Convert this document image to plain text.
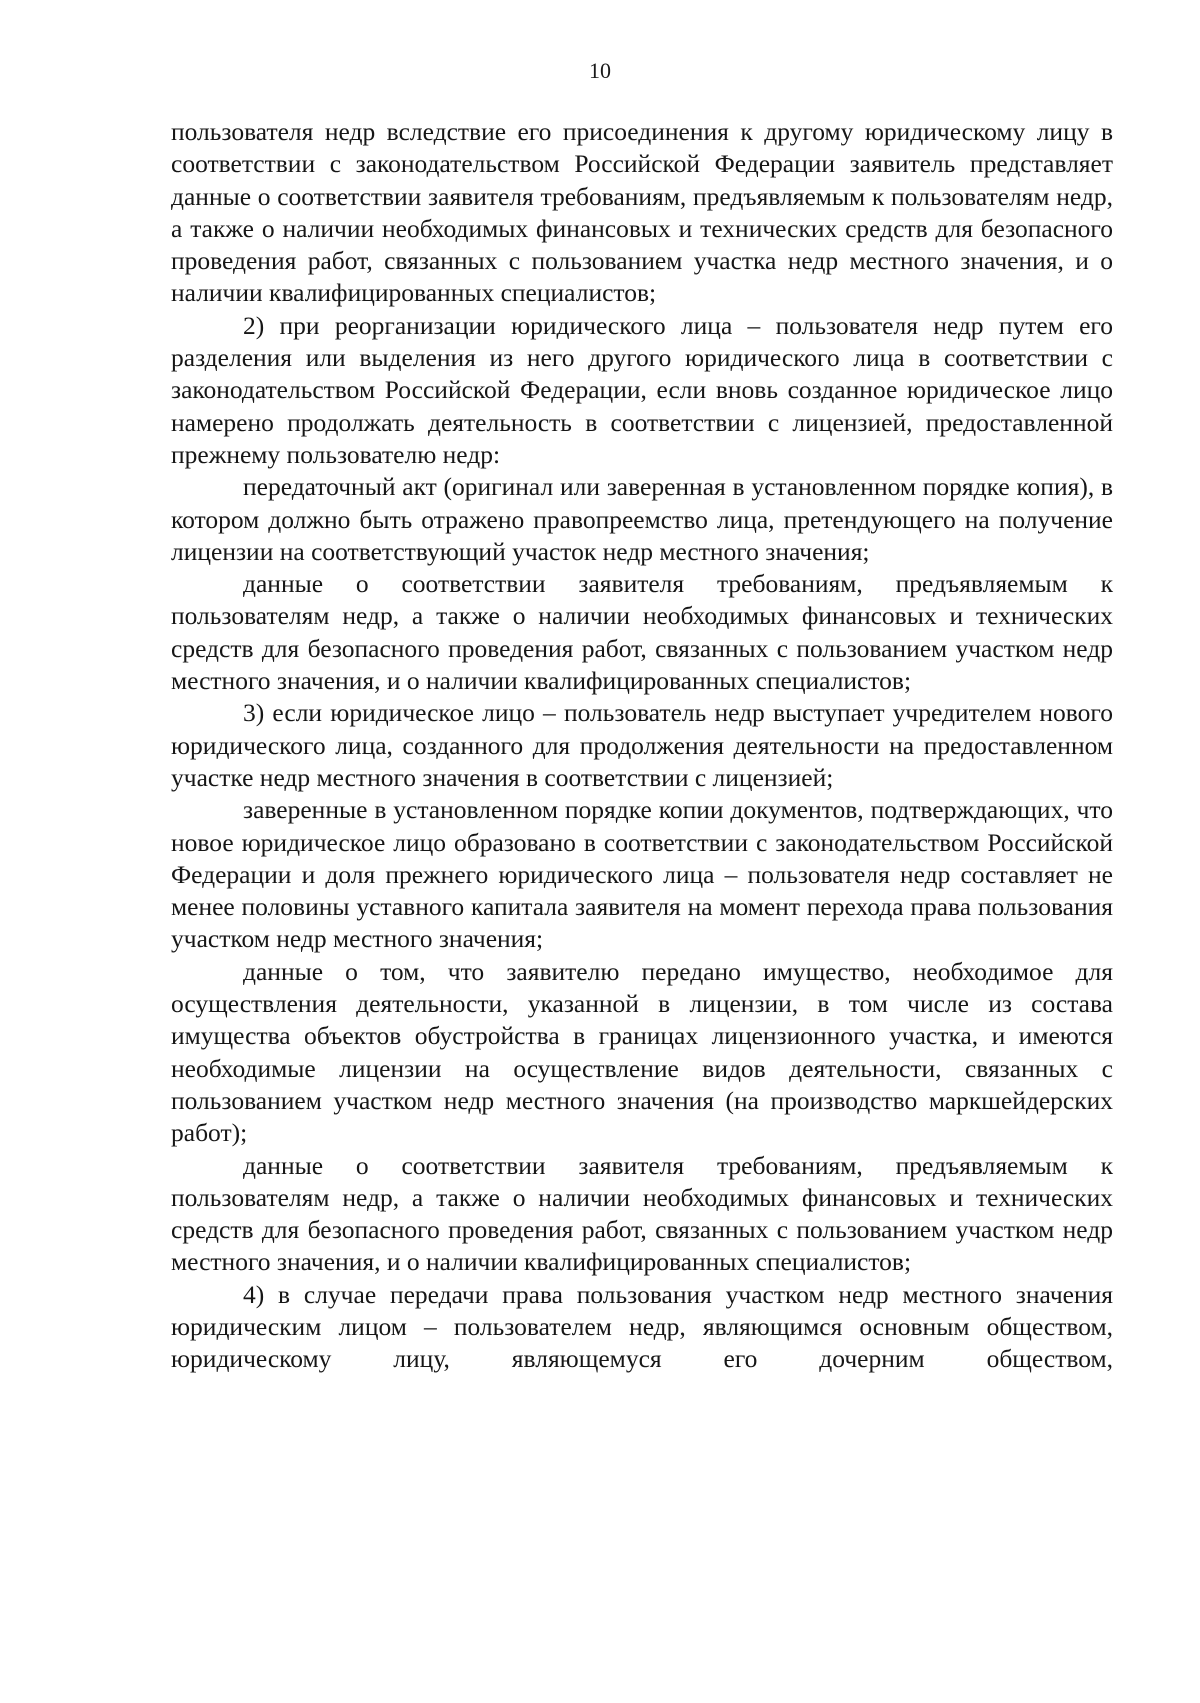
10

пользователя недр вследствие его присоединения к другому юридическому лицу в соответствии с законодательством Российской Федерации заявитель представляет данные о соответствии заявителя требованиям, предъявляемым к пользователям недр, а также о наличии необходимых финансовых и технических средств для безопасного проведения работ, связанных с пользованием участка недр местного значения, и о наличии квалифицированных специалистов;

2) при реорганизации юридического лица – пользователя недр путем его разделения или выделения из него другого юридического лица в соответствии с законодательством Российской Федерации, если вновь созданное юридическое лицо намерено продолжать деятельность в соответствии с лицензией, предоставленной прежнему пользователю недр:

передаточный акт (оригинал или заверенная в установленном порядке копия), в котором должно быть отражено правопреемство лица, претендующего на получение лицензии на соответствующий участок недр местного значения;

данные о соответствии заявителя требованиям, предъявляемым к пользователям недр, а также о наличии необходимых финансовых и технических средств для безопасного проведения работ, связанных с пользованием участком недр местного значения, и о наличии квалифицированных специалистов;

3) если юридическое лицо – пользователь недр выступает учредителем нового юридического лица, созданного для продолжения деятельности на предоставленном участке недр местного значения в соответствии с лицензией;

заверенные в установленном порядке копии документов, подтверждающих, что новое юридическое лицо образовано в соответствии с законодательством Российской Федерации и доля прежнего юридического лица – пользователя недр составляет не менее половины уставного капитала заявителя на момент перехода права пользования участком недр местного значения;

данные о том, что заявителю передано имущество, необходимое для осуществления деятельности, указанной в лицензии, в том числе из состава имущества объектов обустройства в границах лицензионного участка, и имеются необходимые лицензии на осуществление видов деятельности, связанных с пользованием участком недр местного значения (на производство маркшейдерских работ);

данные о соответствии заявителя требованиям, предъявляемым к пользователям недр, а также о наличии необходимых финансовых и технических средств для безопасного проведения работ, связанных с пользованием участком недр местного значения, и о наличии квалифицированных специалистов;

4) в случае передачи права пользования участком недр местного значения юридическим лицом – пользователем недр, являющимся основным обществом, юридическому лицу, являющемуся его дочерним обществом,
